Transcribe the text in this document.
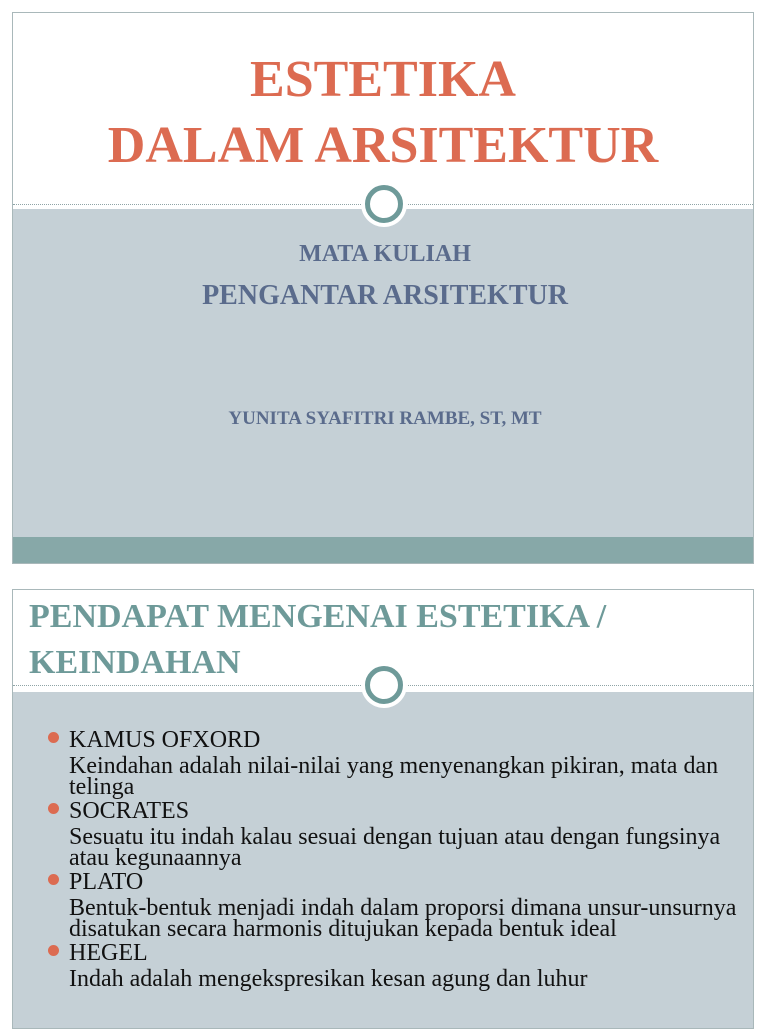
ESTETIKA
DALAM ARSITEKTUR

MATA KULIAH

PENGANTAR ARSITEKTUR

YUNITA SYAFITRI RAMBE, ST, MT

PENDAPAT MENGENAI ESTETIKA /
KEINDAHAN
KAMUS OFXORD
Keindahan adalah nilai-nilai yang menyenangkan pikiran, mata dan telinga
SOCRATES
Sesuatu itu indah kalau sesuai dengan tujuan atau dengan fungsinya atau kegunaannya
PLATO
Bentuk-bentuk menjadi indah dalam proporsi dimana unsur-unsurnya disatukan secara harmonis ditujukan kepada bentuk ideal
HEGEL
Indah adalah mengekspresikan kesan agung dan luhur
